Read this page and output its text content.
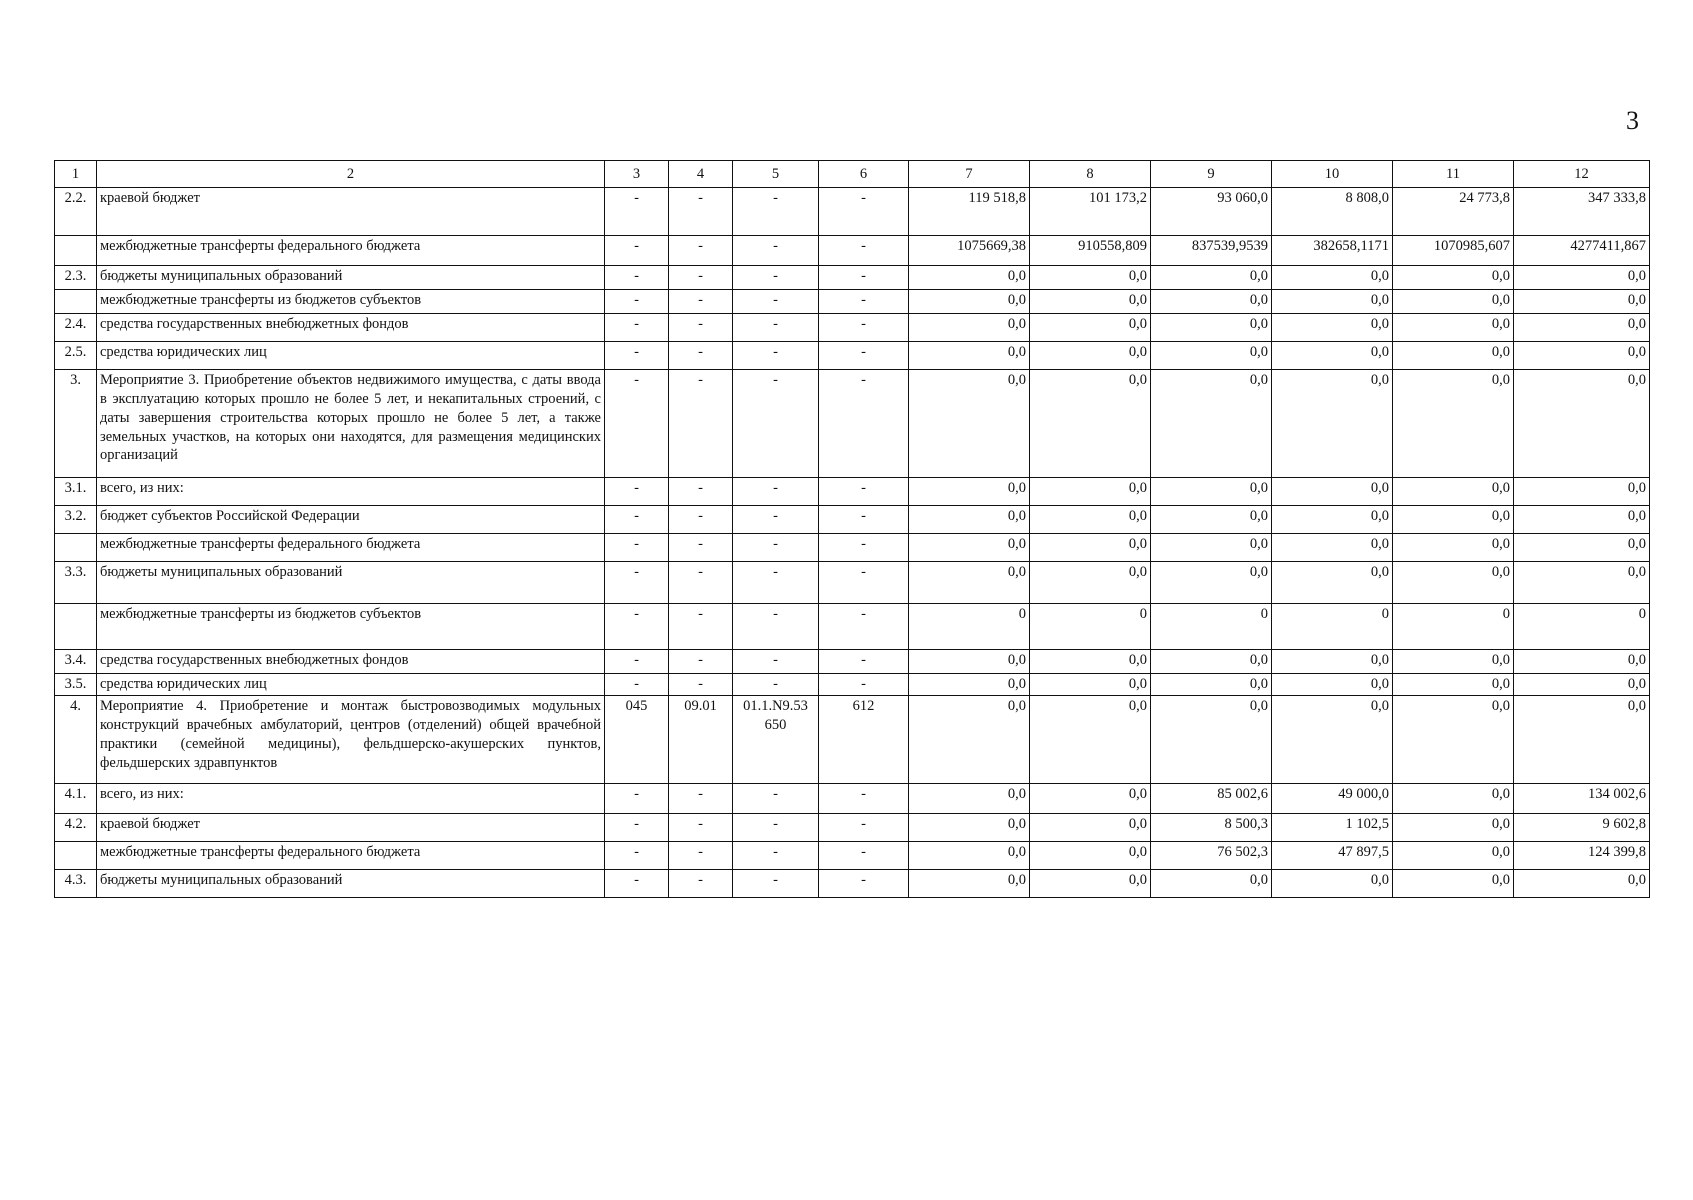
3
1	2	3	4	5	6	7	8	9	10	11	12
2.2.	краевой бюджет	-	-	-	-	119 518,8	101 173,2	93 060,0	8 808,0	24 773,8	347 333,8
	межбюджетные трансферты федерального бюджета	-	-	-	-	1075669,38	910558,809	837539,9539	382658,1171	1070985,607	4277411,867
2.3.	бюджеты муниципальных образований	-	-	-	-	0,0	0,0	0,0	0,0	0,0	0,0
	межбюджетные трансферты из бюджетов субъектов	-	-	-	-	0,0	0,0	0,0	0,0	0,0	0,0
2.4.	средства государственных внебюджетных фондов	-	-	-	-	0,0	0,0	0,0	0,0	0,0	0,0
2.5.	средства юридических лиц	-	-	-	-	0,0	0,0	0,0	0,0	0,0	0,0
3.	Мероприятие 3. Приобретение объектов недвижимого имущества, с даты ввода в эксплуатацию которых прошло не более 5 лет, и некапитальных строений, с даты завершения строительства которых прошло не более 5 лет, а также земельных участков, на которых они находятся, для размещения медицинских организаций	-	-	-	-	0,0	0,0	0,0	0,0	0,0	0,0
3.1.	всего, из них:	-	-	-	-	0,0	0,0	0,0	0,0	0,0	0,0
3.2.	бюджет субъектов Российской Федерации	-	-	-	-	0,0	0,0	0,0	0,0	0,0	0,0
	межбюджетные трансферты федерального бюджета	-	-	-	-	0,0	0,0	0,0	0,0	0,0	0,0
3.3.	бюджеты муниципальных образований	-	-	-	-	0,0	0,0	0,0	0,0	0,0	0,0
	межбюджетные трансферты из бюджетов субъектов	-	-	-	-	0	0	0	0	0	0
3.4.	средства государственных внебюджетных фондов	-	-	-	-	0,0	0,0	0,0	0,0	0,0	0,0
3.5.	средства юридических лиц	-	-	-	-	0,0	0,0	0,0	0,0	0,0	0,0
4.	Мероприятие 4. Приобретение и монтаж быстровозводимых модульных конструкций врачебных амбулаторий, центров (отделений) общей врачебной практики (семейной медицины), фельдшерско-акушерских пунктов, фельдшерских здравпунктов	045	09.01	01.1.N9.53 650	612	0,0	0,0	0,0	0,0	0,0	0,0
4.1.	всего, из них:	-	-	-	-	0,0	0,0	85 002,6	49 000,0	0,0	134 002,6
4.2.	краевой бюджет	-	-	-	-	0,0	0,0	8 500,3	1 102,5	0,0	9 602,8
	межбюджетные трансферты федерального бюджета	-	-	-	-	0,0	0,0	76 502,3	47 897,5	0,0	124 399,8
4.3.	бюджеты муниципальных образований	-	-	-	-	0,0	0,0	0,0	0,0	0,0	0,0
